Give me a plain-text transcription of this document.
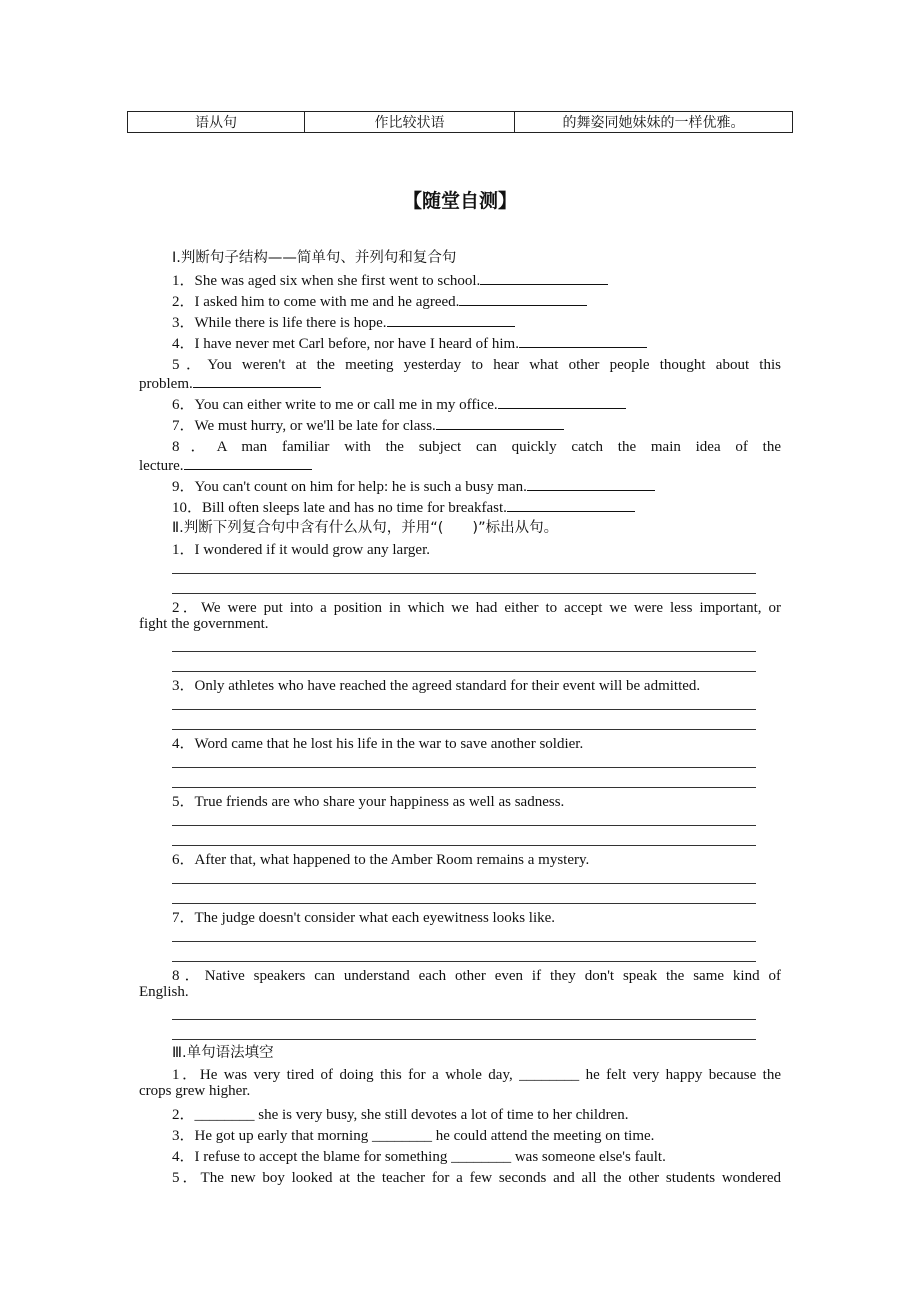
语从句	作比较状语	的舞姿同她妹妹的一样优雅。
【随堂自测】
Ⅰ.判断句子结构——简单句、并列句和复合句
1．She was aged six when she first went to school.
2．I asked him to come with me and he agreed.
3．While there is life there is hope.
4．I have never met Carl before, nor have I heard of him.
5．You weren't at the meeting yesterday to hear what other people thought about this
problem.
6．You can either write to me or call me in my office.
7．We must hurry, or we'll be late for class.
8．A man familiar with the subject can quickly catch the main idea of the
lecture.
9．You can't count on him for help: he is such a busy man.
10．Bill often sleeps late and has no time for breakfast.
Ⅱ.判断下列复合句中含有什么从句，并用“(　　)”标出从句。
1．I wondered if it would grow any larger.
2．We were put into a position in which we had either to accept we were less important, or
fight the government.
3．Only athletes who have reached the agreed standard for their event will be admitted.
4．Word came that he lost his life in the war to save another soldier.
5．True friends are who share your happiness as well as sadness.
6．After that, what happened to the Amber Room remains a mystery.
7．The judge doesn't consider what each eyewitness looks like.
8．Native speakers can understand each other even if they don't speak the same kind of
English.
Ⅲ.单句语法填空
1．He was very tired of doing this for a whole day, ________ he felt very happy because the
crops grew higher.
2．________ she is very busy, she still devotes a lot of time to her children.
3．He got up early that morning ________ he could attend the meeting on time.
4．I refuse to accept the blame for something ________ was someone else's fault.
5．The new boy looked at the teacher for a few seconds and all the other students wondered
